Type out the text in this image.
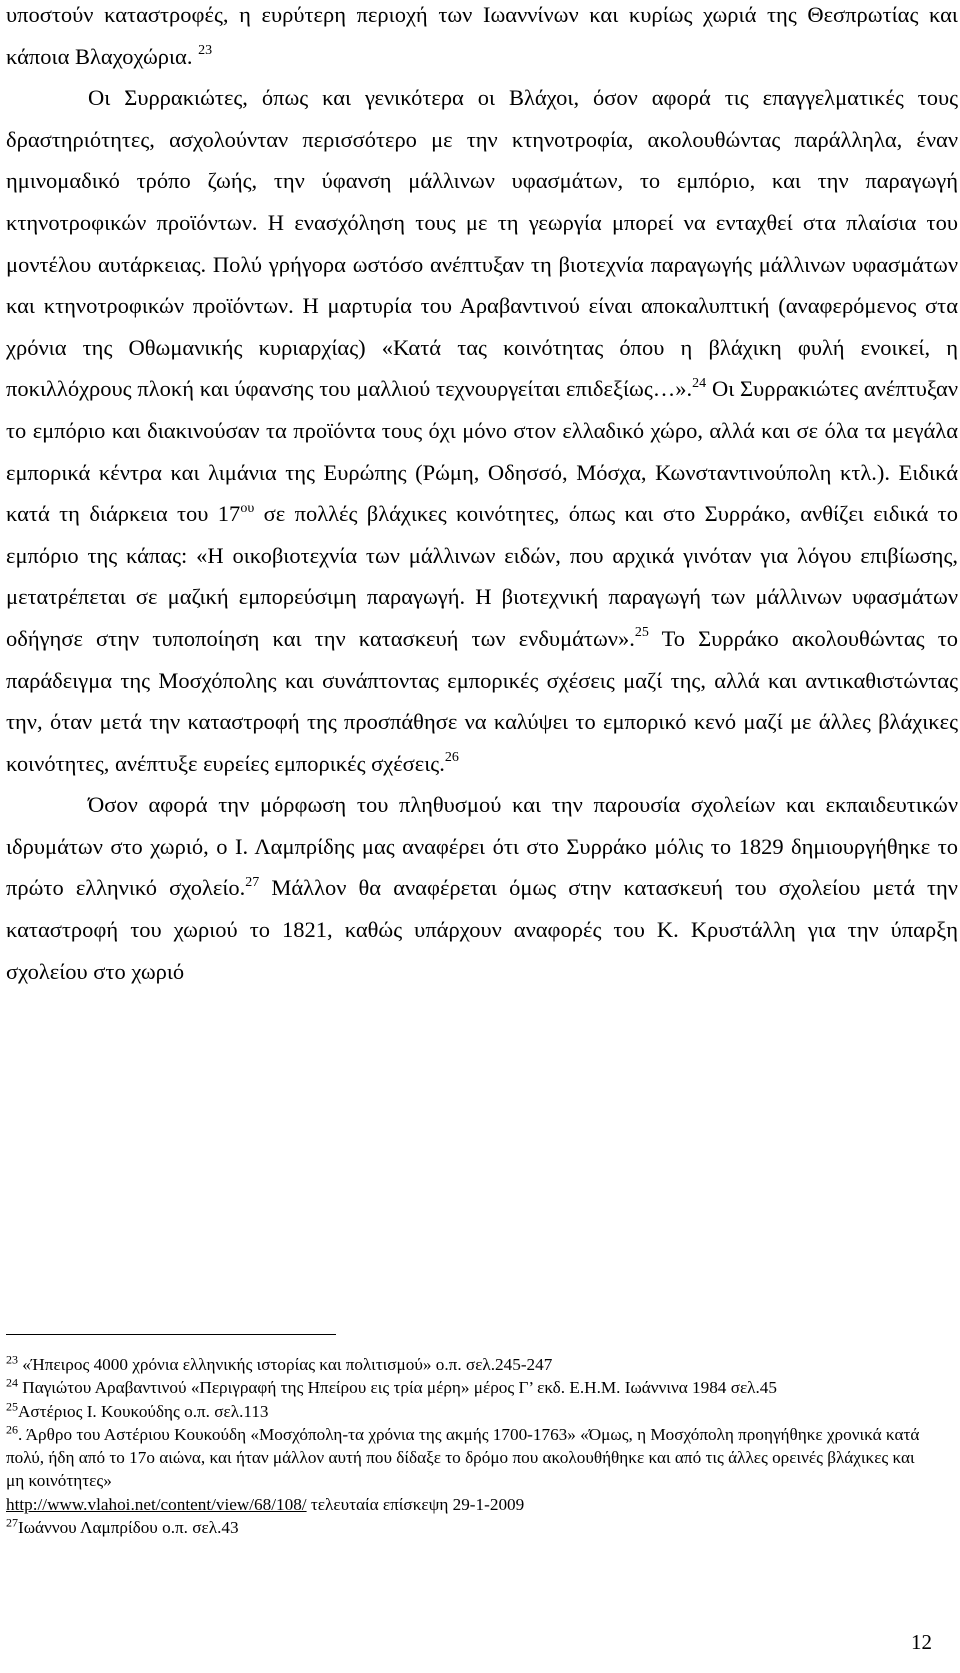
υποστούν καταστροφές, η ευρύτερη περιοχή των Ιωαννίνων και κυρίως χωριά της Θεσπρωτίας και κάποια Βλαχοχώρια. $^{23}$

Οι Συρρακιώτες, όπως και γενικότερα οι Βλάχοι, όσον αφορά τις επαγγελματικές τους δραστηριότητες, ασχολούνταν περισσότερο με την κτηνοτροφία, ακολουθώντας παράλληλα, έναν ημινομαδικό τρόπο ζωής, την ύφανση μάλλινων υφασμάτων, το εμπόριο, και την παραγωγή κτηνοτροφικών προϊόντων. Η ενασχόληση τους με τη γεωργία μπορεί να ενταχθεί στα πλαίσια του μοντέλου αυτάρκειας. Πολύ γρήγορα ωστόσο ανέπτυξαν τη βιοτεχνία παραγωγής μάλλινων υφασμάτων και κτηνοτροφικών προϊόντων. Η μαρτυρία του Αραβαντινού είναι αποκαλυπτική (αναφερόμενος στα χρόνια της Οθωμανικής κυριαρχίας) «Κατά τας κοινότητας όπου η βλάχικη φυλή ενοικεί, η ποκιλλόχρους πλοκή και ύφανσης του μαλλιού τεχνουργείται επιδεξίως…».$^{24}$ Οι Συρρακιώτες ανέπτυξαν το εμπόριο και διακινούσαν τα προϊόντα τους όχι μόνο στον ελλαδικό χώρο, αλλά και σε όλα τα μεγάλα εμπορικά κέντρα και λιμάνια της Ευρώπης (Ρώμη, Οδησσό, Μόσχα, Κωνσταντινούπολη κτλ.). Ειδικά κατά τη διάρκεια του 17$^{o\upsilon}$ σε πολλές βλάχικες κοινότητες, όπως και στο Συρράκο, ανθίζει ειδικά το εμπόριο της κάπας: «Η οικοβιοτεχνία των μάλλινων ειδών, που αρχικά γινόταν για λόγου επιβίωσης, μετατρέπεται σε μαζική εμπορεύσιμη παραγωγή. Η βιοτεχνική παραγωγή των μάλλινων υφασμάτων οδήγησε στην τυποποίηση και την κατασκευή των ενδυμάτων».$^{25}$ Το Συρράκο ακολουθώντας το παράδειγμα της Μοσχόπολης και συνάπτοντας εμπορικές σχέσεις μαζί της, αλλά και αντικαθιστώντας την, όταν μετά την καταστροφή της προσπάθησε να καλύψει το εμπορικό κενό μαζί με άλλες βλάχικες κοινότητες, ανέπτυξε ευρείες εμπορικές σχέσεις.$^{26}$

Όσον αφορά την μόρφωση του πληθυσμού και την παρουσία σχολείων και εκπαιδευτικών ιδρυμάτων στο χωριό, ο Ι. Λαμπρίδης μας αναφέρει ότι στο Συρράκο μόλις το 1829 δημιουργήθηκε το πρώτο ελληνικό σχολείο.$^{27}$ Μάλλον θα αναφέρεται όμως στην κατασκευή του σχολείου μετά την καταστροφή του χωριού το 1821, καθώς υπάρχουν αναφορές του Κ. Κρυστάλλη για την ύπαρξη σχολείου στο χωριό

$^{23}$ «Ήπειρος 4000 χρόνια ελληνικής ιστορίας και πολιτισμού» ο.π. σελ.245-247

$^{24}$ Παγιώτου Αραβαντινού «Περιγραφή της Ηπείρου εις τρία μέρη» μέρος Γ’ εκδ. Ε.Η.Μ. Ιωάννινα 1984 σελ.45

$^{25}$Αστέριος Ι. Κουκούδης ο.π. σελ.113

$^{26}$. Άρθρο του Αστέριου Κουκούδη «Μοσχόπολη-τα χρόνια της ακμής 1700-1763» «Όμως, η Μοσχόπολη προηγήθηκε χρονικά κατά πολύ, ήδη από το 17ο αιώνα, και ήταν μάλλον αυτή που δίδαξε το δρόμο που ακολουθήθηκε και από τις άλλες ορεινές βλάχικες και μη κοινότητες»
http://www.vlahoi.net/content/view/68/108/ τελευταία επίσκεψη 29-1-2009

$^{27}$Ιωάννου Λαμπρίδου ο.π. σελ.43

12
